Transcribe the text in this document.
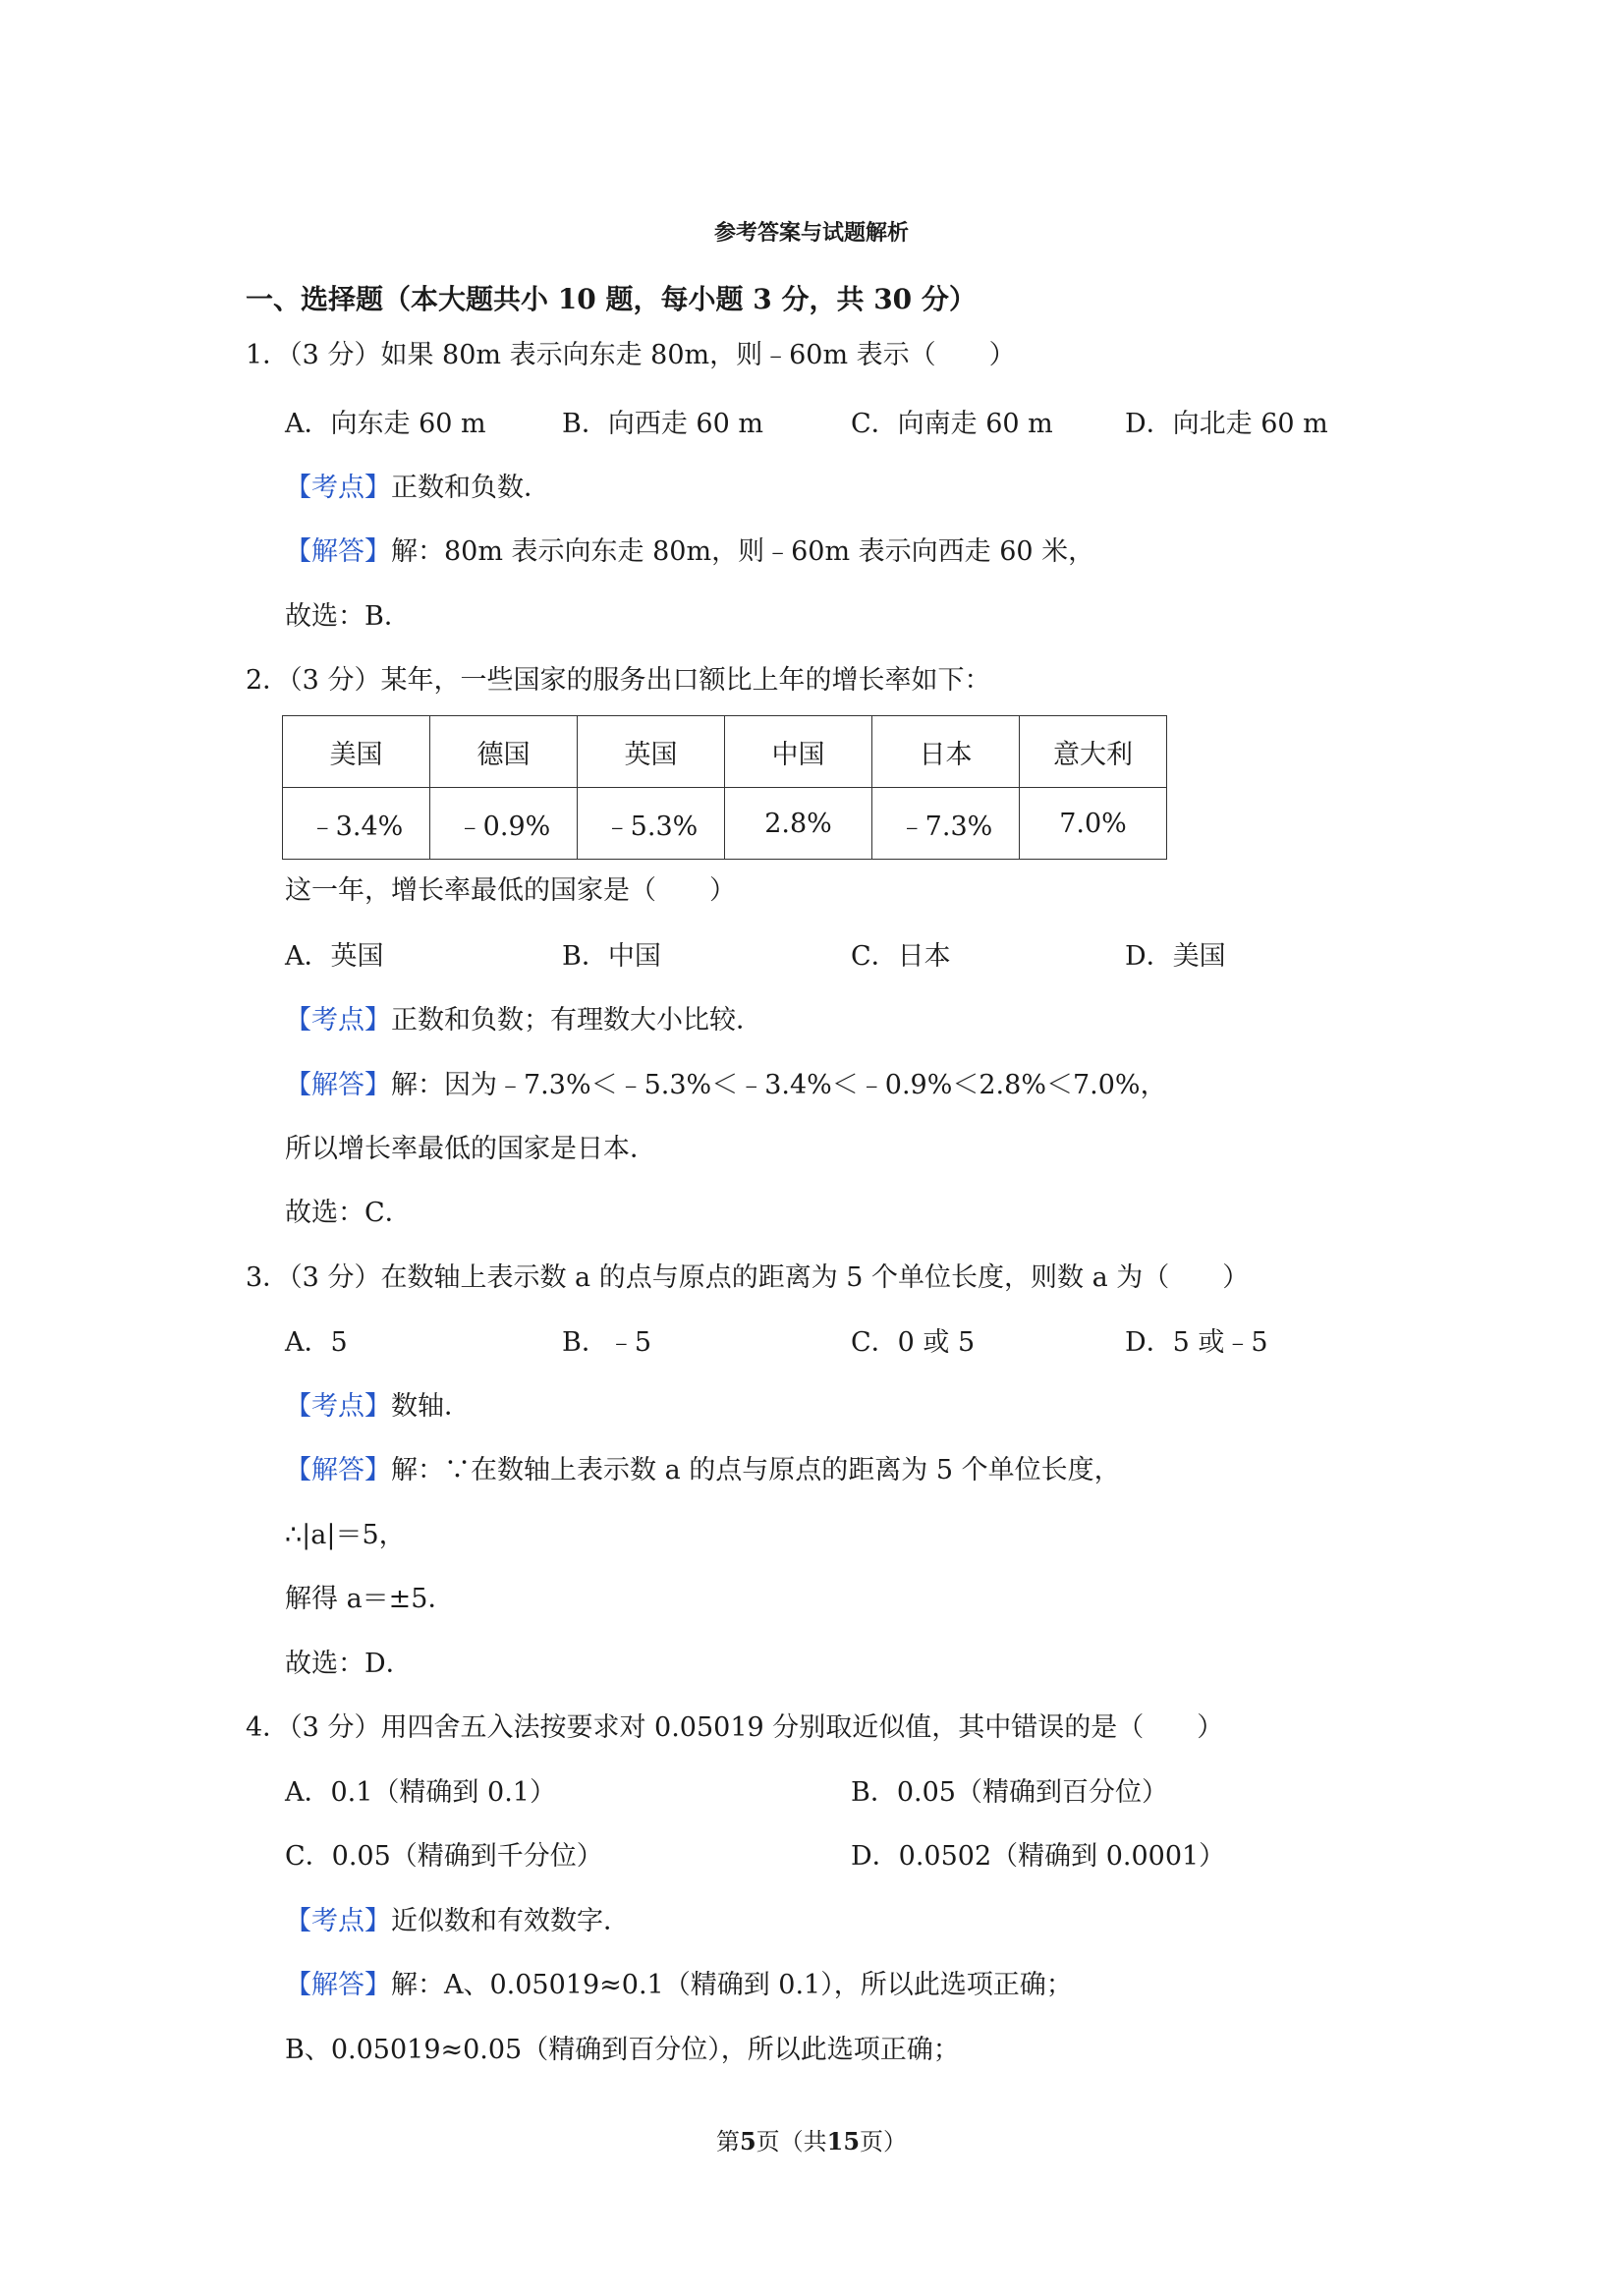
参考答案与试题解析
一、选择题（本大题共小 10 题，每小题 3 分，共 30 分）
1．（3 分）如果 80m 表示向东走 80m，则﹣60m 表示（　　）
A．向东走 60 m	B．向西走 60 m	C．向南走 60 m	D．向北走 60 m
【考点】正数和负数．
【解答】解：80m 表示向东走 80m，则﹣60m 表示向西走 60 米，
故选：B．
2．（3 分）某年，一些国家的服务出口额比上年的增长率如下：
美国	德国	英国	中国	日本	意大利
﹣3.4%	﹣0.9%	﹣5.3%	2.8%	﹣7.3%	7.0%
这一年，增长率最低的国家是（　　）
A．英国	B．中国	C．日本	D．美国
【考点】正数和负数；有理数大小比较．
【解答】解：因为﹣7.3%＜﹣5.3%＜﹣3.4%＜﹣0.9%＜2.8%＜7.0%，
所以增长率最低的国家是日本．
故选：C．
3．（3 分）在数轴上表示数 a 的点与原点的距离为 5 个单位长度，则数 a 为（　　）
A．5	B．﹣5	C．0 或 5	D．5 或﹣5
【考点】数轴．
【解答】解：∵在数轴上表示数 a 的点与原点的距离为 5 个单位长度，
∴|a|＝5，
解得 a＝±5．
故选：D．
4．（3 分）用四舍五入法按要求对 0.05019 分别取近似值，其中错误的是（　　）
A．0.1（精确到 0.1）	B．0.05（精确到百分位）
C．0.05（精确到千分位）	D．0.0502（精确到 0.0001）
【考点】近似数和有效数字．
【解答】解：A、0.05019≈0.1（精确到 0.1），所以此选项正确；
B、0.05019≈0.05（精确到百分位），所以此选项正确；
第5页（共15页）
